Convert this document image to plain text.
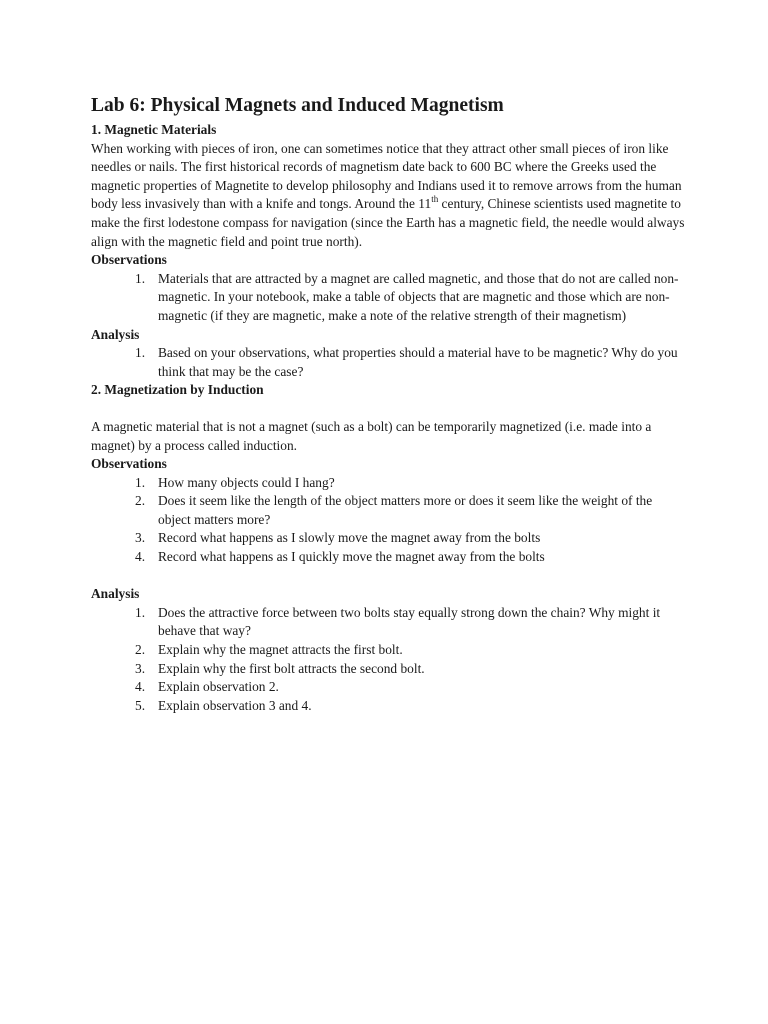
Lab 6: Physical Magnets and Induced Magnetism
1. Magnetic Materials

When working with pieces of iron, one can sometimes notice that they attract other small pieces of iron like needles or nails. The first historical records of magnetism date back to 600 BC where the Greeks used the magnetic properties of Magnetite to develop philosophy and Indians used it to remove arrows from the human body less invasively than with a knife and tongs. Around the 11th century, Chinese scientists used magnetite to make the first lodestone compass for navigation (since the Earth has a magnetic field, the needle would always align with the magnetic field and point true north).

Observations

1. Materials that are attracted by a magnet are called magnetic, and those that do not are called non-magnetic. In your notebook, make a table of objects that are magnetic and those which are non-magnetic (if they are magnetic, make a note of the relative strength of their magnetism)

Analysis

1. Based on your observations, what properties should a material have to be magnetic? Why do you think that may be the case?
2. Magnetization by Induction

A magnetic material that is not a magnet (such as a bolt) can be temporarily magnetized (i.e. made into a magnet) by a process called induction.

Observations

1. How many objects could I hang?
2. Does it seem like the length of the object matters more or does it seem like the weight of the object matters more?
3. Record what happens as I slowly move the magnet away from the bolts
4. Record what happens as I quickly move the magnet away from the bolts

Analysis

1. Does the attractive force between two bolts stay equally strong down the chain? Why might it behave that way?
2. Explain why the magnet attracts the first bolt.
3. Explain why the first bolt attracts the second bolt.
4. Explain observation 2.
5. Explain observation 3 and 4.
